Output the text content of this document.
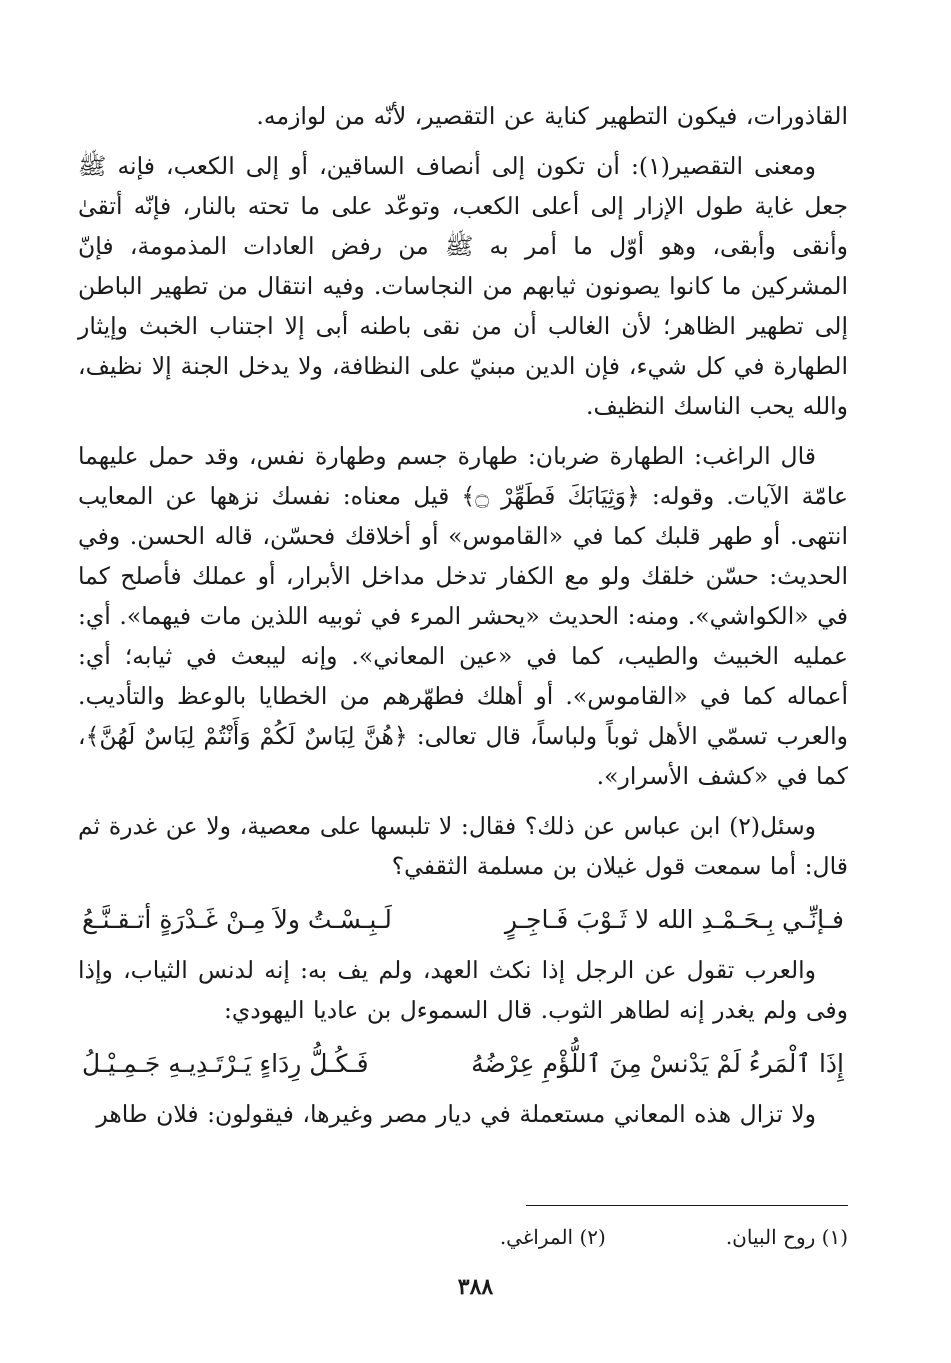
القاذورات، فيكون التطهير كناية عن التقصير، لأنّه من لوازمه.

ومعنى التقصير(١): أن تكون إلى أنصاف الساقين، أو إلى الكعب، فإنه ﷺ جعل غاية طول الإزار إلى أعلى الكعب، وتوعّد على ما تحته بالنار، فإنّه أتقىٰ وأنقى وأبقى، وهو أوّل ما أمر به ﷺ من رفض العادات المذمومة، فإنّ المشركين ما كانوا يصونون ثيابهم من النجاسات. وفيه انتقال من تطهير الباطن إلى تطهير الظاهر؛ لأن الغالب أن من نقى باطنه أبى إلا اجتناب الخبث وإيثار الطهارة في كل شيء، فإن الدين مبنيّ على النظافة، ولا يدخل الجنة إلا نظيف، والله يحب الناسك النظيف.

قال الراغب: الطهارة ضربان: طهارة جسم وطهارة نفس، وقد حمل عليهما عامّة الآيات. وقوله: ﴿وَثِيَابَكَ فَطَهِّرْ ۝﴾ قيل معناه: نفسك نزهها عن المعايب انتهى. أو طهر قلبك كما في «القاموس» أو أخلاقك فحسّن، قاله الحسن. وفي الحديث: حسّن خلقك ولو مع الكفار تدخل مداخل الأبرار، أو عملك فأصلح كما في «الكواشي». ومنه: الحديث «يحشر المرء في ثوبيه اللذين مات فيهما». أي: عمليه الخبيث والطيب، كما في «عين المعاني». وإنه ليبعث في ثيابه؛ أي: أعماله كما في «القاموس». أو أهلك فطهّرهم من الخطايا بالوعظ والتأديب. والعرب تسمّي الأهل ثوباً ولباساً، قال تعالى: ﴿هُنَّ لِبَاسٌ لَكُمْ وَأَنْتُمْ لِبَاسٌ لَهُنَّ﴾، كما في «كشف الأسرار».

وسئل(٢) ابن عباس عن ذلك؟ فقال: لا تلبسها على معصية، ولا عن غدرة ثم قال: أما سمعت قول غيلان بن مسلمة الثقفي؟

فـإنِّـي بِـحَـمْـدِ الله لا ثَـوْبَ فَـاجِـرٍ
لَـبِـسْـتُ ولاَ مِـنْ غَـدْرَةٍ أتـقـنَّـعُ

والعرب تقول عن الرجل إذا نكث العهد، ولم يف به: إنه لدنس الثياب، وإذا وفى ولم يغدر إنه لطاهر الثوب. قال السموءل بن عاديا اليهودي:

إِذَا ٱلْمَرءُ لَمْ يَدْنسْ مِنَ ٱللُّؤْمِ عِرْضُهُ
فَـكُـلُّ رِدَاءٍ يَـرْتَـدِيـهِ جَـمِـيْـلُ

ولا تزال هذه المعاني مستعملة في ديار مصر وغيرها، فيقولون: فلان طاهر

(١) روح البيان.
(٢) المراغي.
٣٨٨
